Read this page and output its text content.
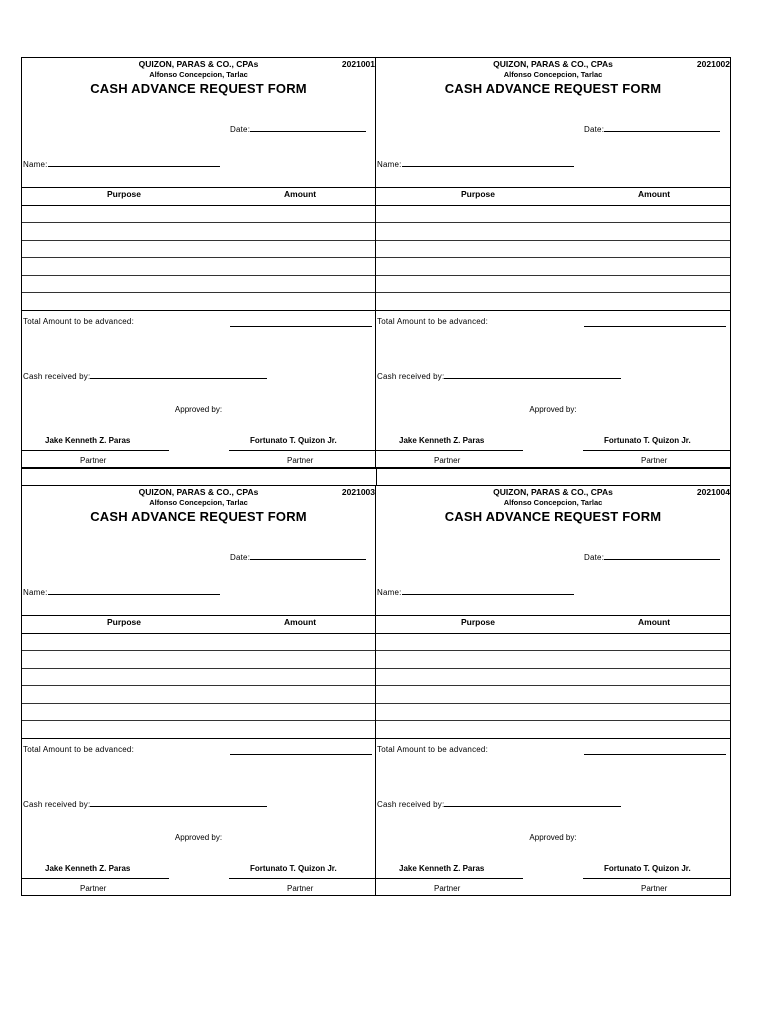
QUIZON, PARAS & CO., CPAs	2021001
Alfonso Concepcion, Tarlac
CASH ADVANCE REQUEST FORM
Date:
Name:
Purpose	Amount
Total Amount to be advanced:
Cash received by:
Approved by:
Jake Kenneth Z. Paras	Fortunato T. Quizon Jr.
Partner	Partner
QUIZON, PARAS & CO., CPAs	2021002
Alfonso Concepcion, Tarlac
CASH ADVANCE REQUEST FORM
Date:
Name:
Purpose	Amount
Total Amount to be advanced:
Cash received by:
Approved by:
Jake Kenneth Z. Paras	Fortunato T. Quizon Jr.
Partner	Partner
QUIZON, PARAS & CO., CPAs	2021003
Alfonso Concepcion, Tarlac
CASH ADVANCE REQUEST FORM
Date:
Name:
Purpose	Amount
Total Amount to be advanced:
Cash received by:
Approved by:
Jake Kenneth Z. Paras	Fortunato T. Quizon Jr.
Partner	Partner
QUIZON, PARAS & CO., CPAs	2021004
Alfonso Concepcion, Tarlac
CASH ADVANCE REQUEST FORM
Date:
Name:
Purpose	Amount
Total Amount to be advanced:
Cash received by:
Approved by:
Jake Kenneth Z. Paras	Fortunato T. Quizon Jr.
Partner	Partner
